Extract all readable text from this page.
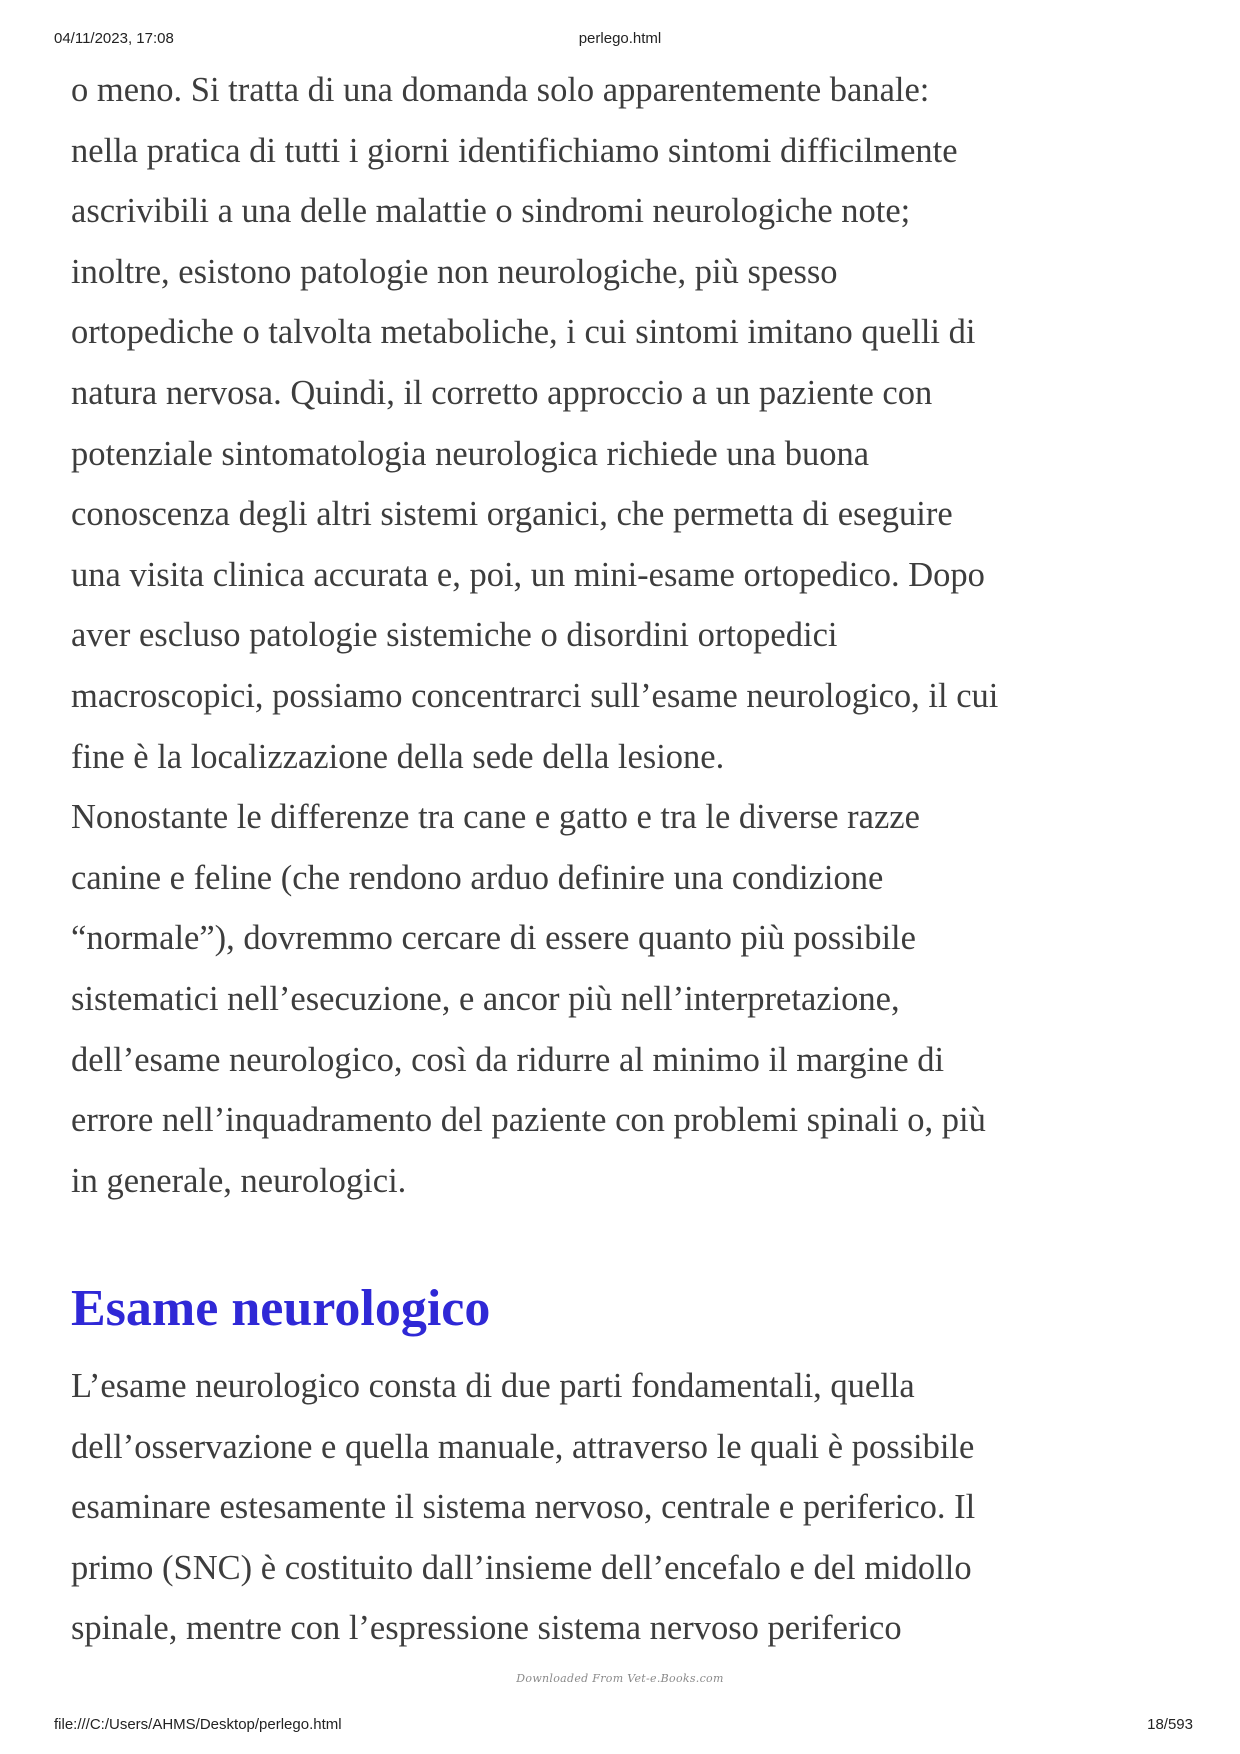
04/11/2023, 17:08	perlego.html

o meno. Si tratta di una domanda solo apparentemente banale:
nella pratica di tutti i giorni identifichiamo sintomi difficilmente
ascrivibili a una delle malattie o sindromi neurologiche note;
inoltre, esistono patologie non neurologiche, più spesso
ortopediche o talvolta metaboliche, i cui sintomi imitano quelli di
natura nervosa. Quindi, il corretto approccio a un paziente con
potenziale sintomatologia neurologica richiede una buona
conoscenza degli altri sistemi organici, che permetta di eseguire
una visita clinica accurata e, poi, un mini-esame ortopedico. Dopo
aver escluso patologie sistemiche o disordini ortopedici
macroscopici, possiamo concentrarci sull’esame neurologico, il cui
fine è la localizzazione della sede della lesione.

Nonostante le differenze tra cane e gatto e tra le diverse razze
canine e feline (che rendono arduo definire una condizione
“normale”), dovremmo cercare di essere quanto più possibile
sistematici nell’esecuzione, e ancor più nell’interpretazione,
dell’esame neurologico, così da ridurre al minimo il margine di
errore nell’inquadramento del paziente con problemi spinali o, più
in generale, neurologici.

Esame neurologico

L’esame neurologico consta di due parti fondamentali, quella
dell’osservazione e quella manuale, attraverso le quali è possibile
esaminare estesamente il sistema nervoso, centrale e periferico. Il
primo (SNC) è costituito dall’insieme dell’encefalo e del midollo
spinale, mentre con l’espressione sistema nervoso periferico

Downloaded From Vet-e.Books.com
file:///C:/Users/AHMS/Desktop/perlego.html	18/593
